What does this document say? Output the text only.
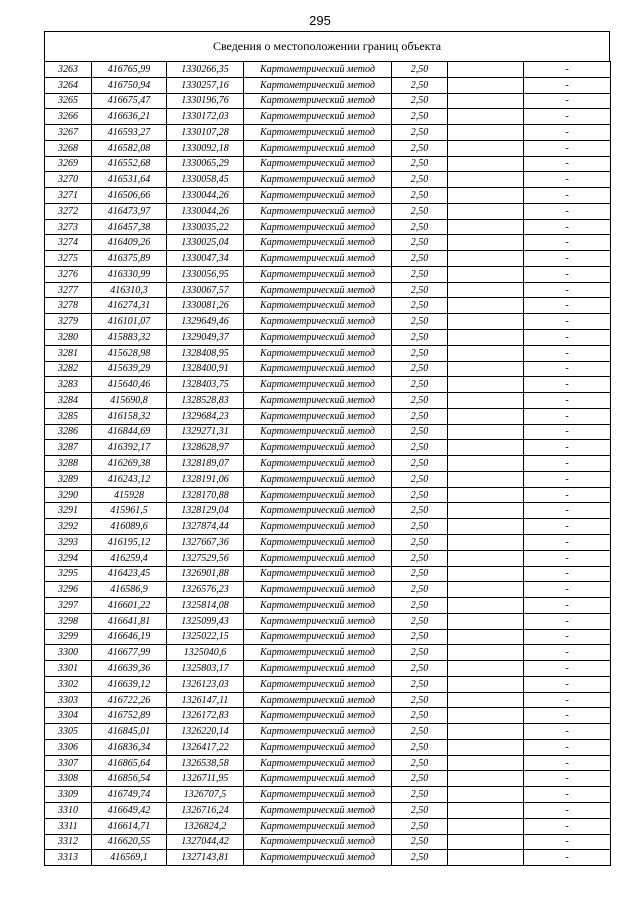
295
Сведения о местоположении границ объекта
3263	416765,99	1330266,35	Картометрический метод	2,50		-
3264	416750,94	1330257,16	Картометрический метод	2,50		-
3265	416675,47	1330196,76	Картометрический метод	2,50		-
3266	416636,21	1330172,03	Картометрический метод	2,50		-
3267	416593,27	1330107,28	Картометрический метод	2,50		-
3268	416582,08	1330092,18	Картометрический метод	2,50		-
3269	416552,68	1330065,29	Картометрический метод	2,50		-
3270	416531,64	1330058,45	Картометрический метод	2,50		-
3271	416506,66	1330044,26	Картометрический метод	2,50		-
3272	416473,97	1330044,26	Картометрический метод	2,50		-
3273	416457,38	1330035,22	Картометрический метод	2,50		-
3274	416409,26	1330025,04	Картометрический метод	2,50		-
3275	416375,89	1330047,34	Картометрический метод	2,50		-
3276	416330,99	1330056,95	Картометрический метод	2,50		-
3277	416310,3	1330067,57	Картометрический метод	2,50		-
3278	416274,31	1330081,26	Картометрический метод	2,50		-
3279	416101,07	1329649,46	Картометрический метод	2,50		-
3280	415883,32	1329049,37	Картометрический метод	2,50		-
3281	415628,98	1328408,95	Картометрический метод	2,50		-
3282	415639,29	1328400,91	Картометрический метод	2,50		-
3283	415640,46	1328403,75	Картометрический метод	2,50		-
3284	415690,8	1328528,83	Картометрический метод	2,50		-
3285	416158,32	1329684,23	Картометрический метод	2,50		-
3286	416844,69	1329271,31	Картометрический метод	2,50		-
3287	416392,17	1328628,97	Картометрический метод	2,50		-
3288	416269,38	1328189,07	Картометрический метод	2,50		-
3289	416243,12	1328191,06	Картометрический метод	2,50		-
3290	415928	1328170,88	Картометрический метод	2,50		-
3291	415961,5	1328129,04	Картометрический метод	2,50		-
3292	416089,6	1327874,44	Картометрический метод	2,50		-
3293	416195,12	1327667,36	Картометрический метод	2,50		-
3294	416259,4	1327529,56	Картометрический метод	2,50		-
3295	416423,45	1326901,88	Картометрический метод	2,50		-
3296	416586,9	1326576,23	Картометрический метод	2,50		-
3297	416601,22	1325814,08	Картометрический метод	2,50		-
3298	416641,81	1325099,43	Картометрический метод	2,50		-
3299	416646,19	1325022,15	Картометрический метод	2,50		-
3300	416677,99	1325040,6	Картометрический метод	2,50		-
3301	416639,36	1325803,17	Картометрический метод	2,50		-
3302	416639,12	1326123,03	Картометрический метод	2,50		-
3303	416722,26	1326147,11	Картометрический метод	2,50		-
3304	416752,89	1326172,83	Картометрический метод	2,50		-
3305	416845,01	1326220,14	Картометрический метод	2,50		-
3306	416836,34	1326417,22	Картометрический метод	2,50		-
3307	416865,64	1326538,58	Картометрический метод	2,50		-
3308	416856,54	1326711,95	Картометрический метод	2,50		-
3309	416749,74	1326707,5	Картометрический метод	2,50		-
3310	416649,42	1326716,24	Картометрический метод	2,50		-
3311	416614,71	1326824,2	Картометрический метод	2,50		-
3312	416620,55	1327044,42	Картометрический метод	2,50		-
3313	416569,1	1327143,81	Картометрический метод	2,50		-
